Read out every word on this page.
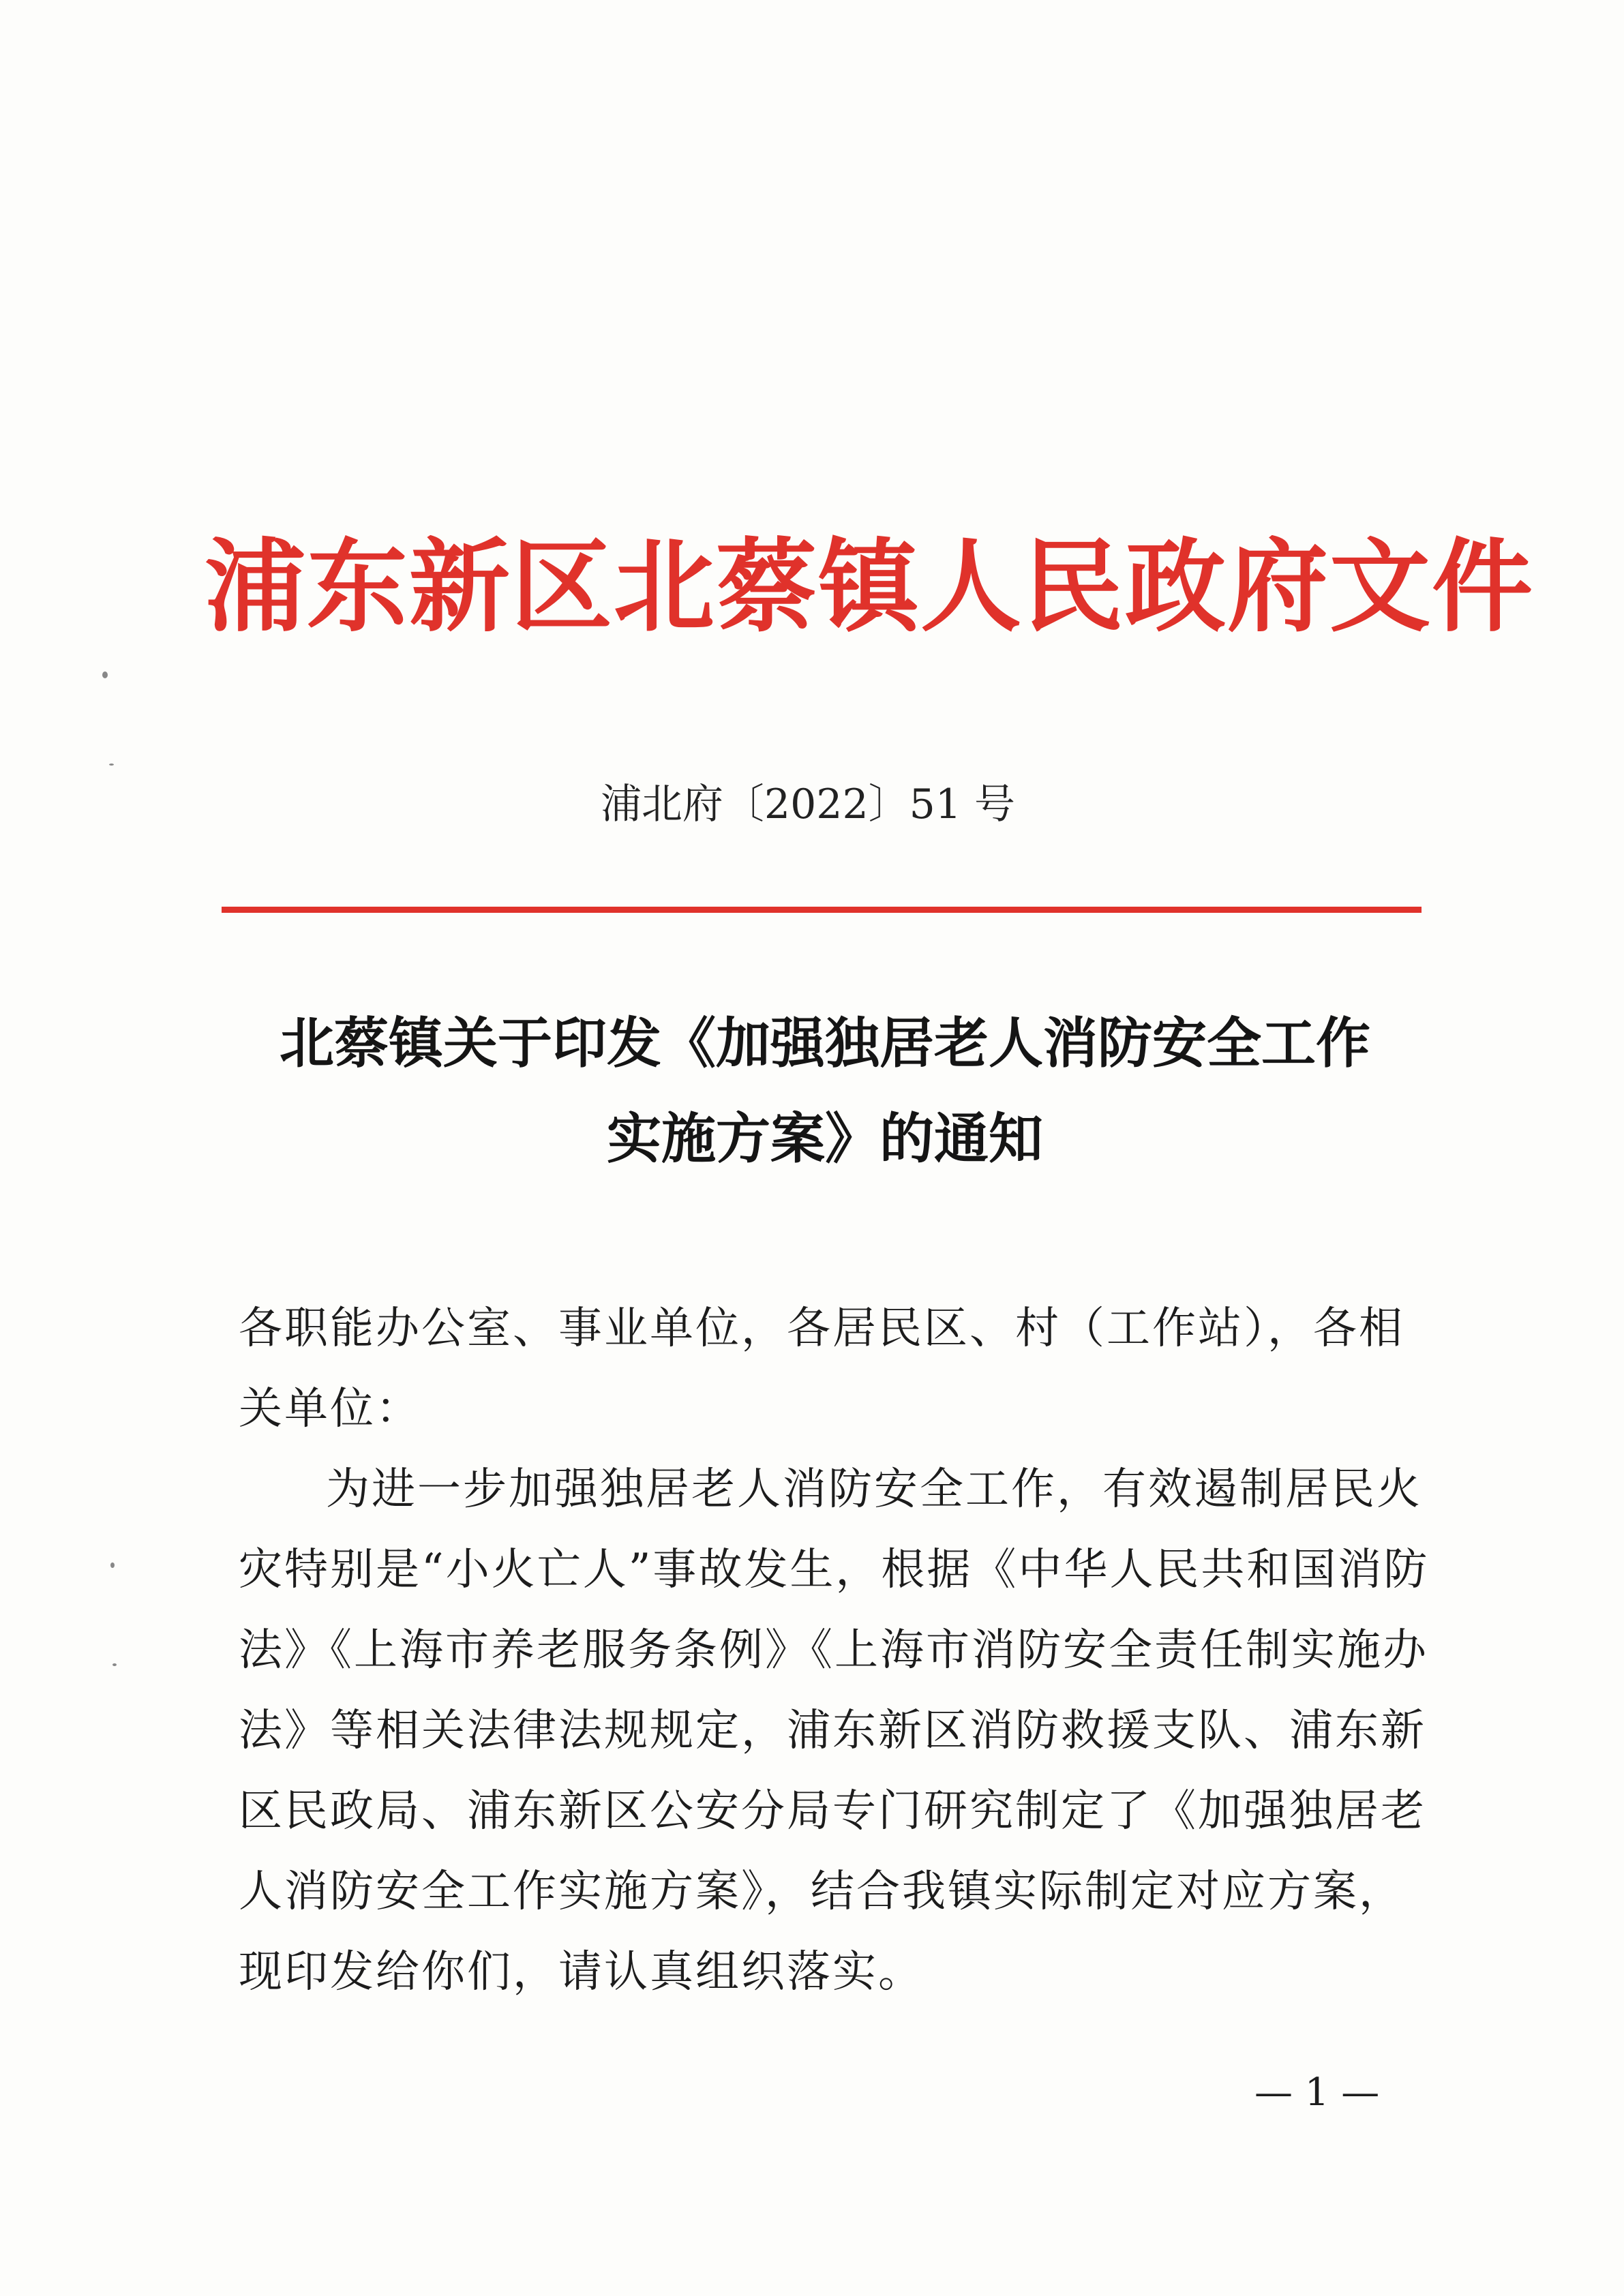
浦东新区北蔡镇人民政府文件
浦北府〔2022〕51 号
北蔡镇关于印发《加强独居老人消防安全工作
实施方案》的通知

各职能办公室、事业单位，各居民区、村（工作站），各相关单位：

为进一步加强独居老人消防安全工作，有效遏制居民火灾特别是“小火亡人”事故发生，根据《中华人民共和国消防法》《上海市养老服务条例》《上海市消防安全责任制实施办法》等相关法律法规规定，浦东新区消防救援支队、浦东新区民政局、浦东新区公安分局专门研究制定了《加强独居老人消防安全工作实施方案》，结合我镇实际制定对应方案，现印发给你们，请认真组织落实。

— 1 —
